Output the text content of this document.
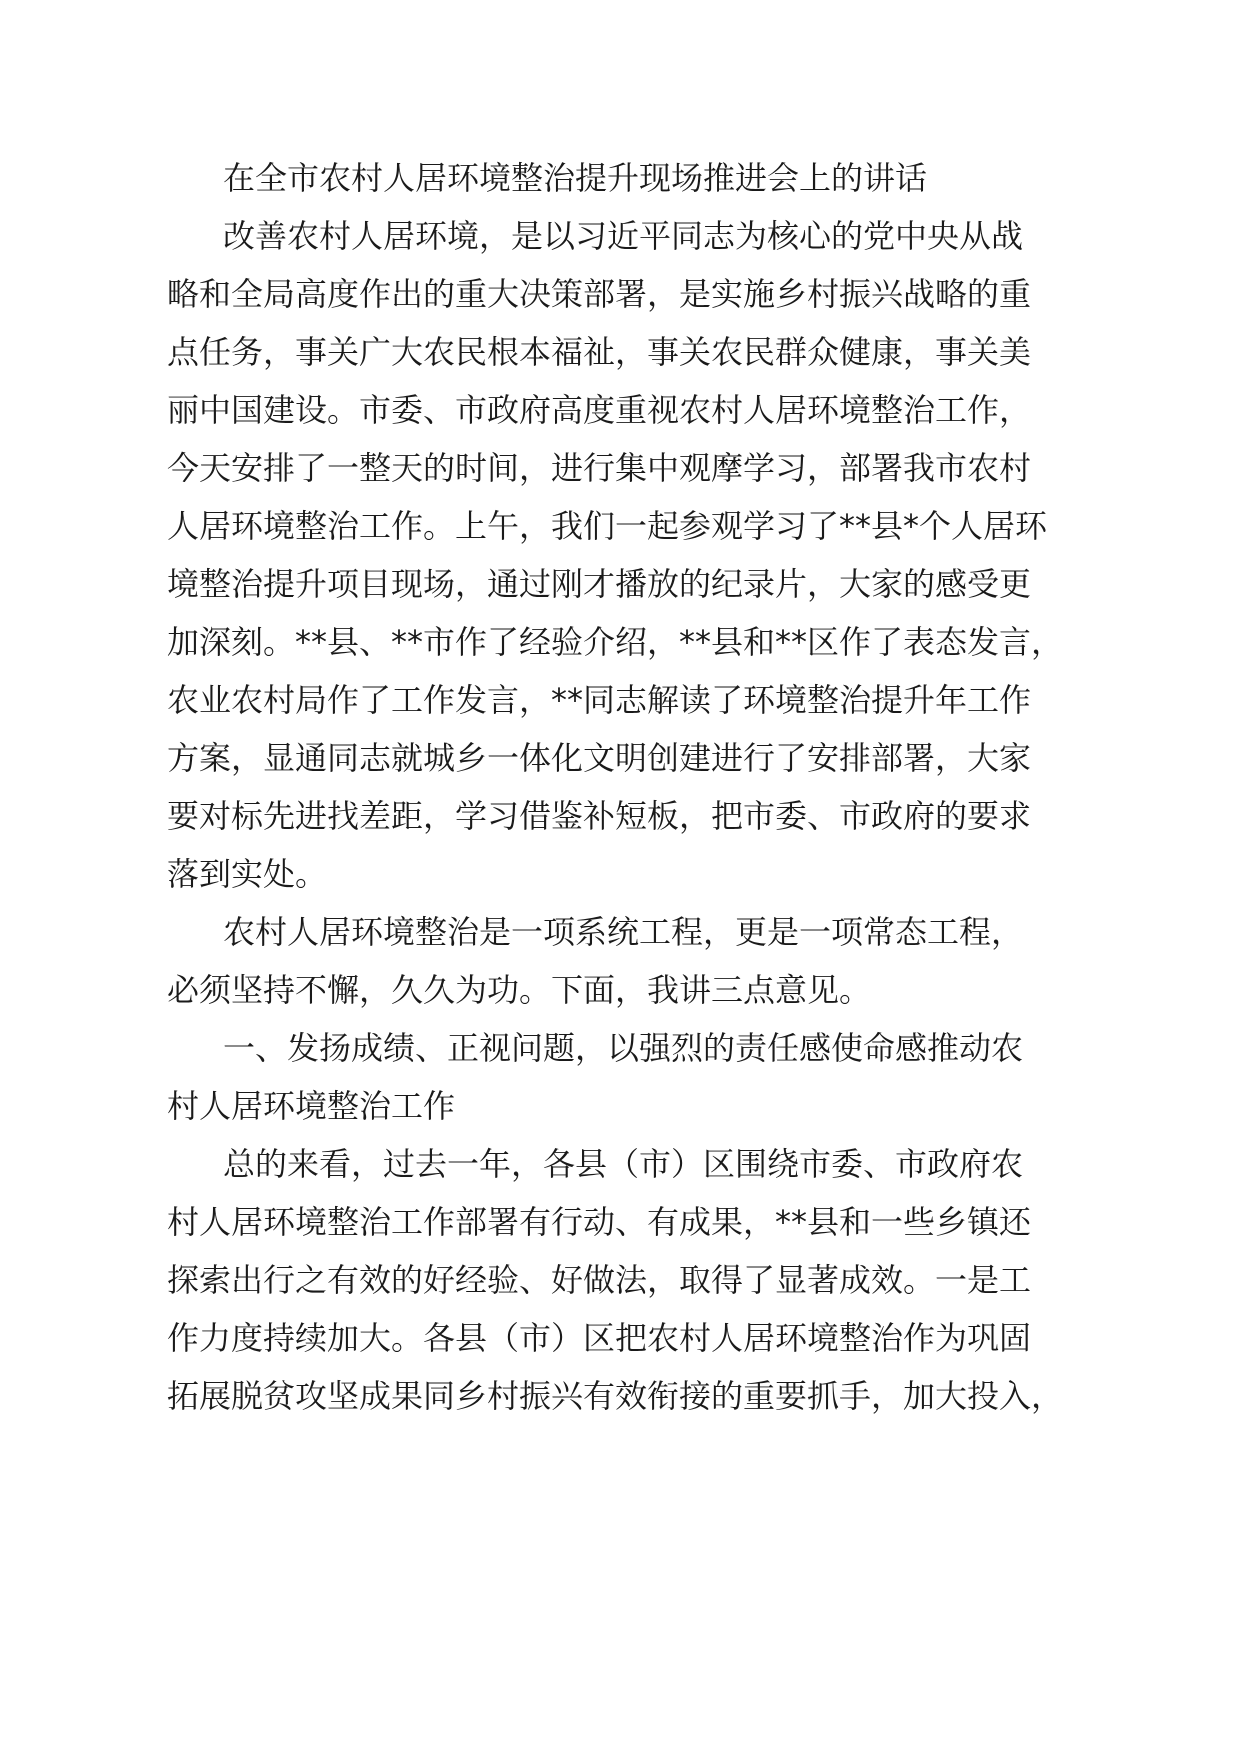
在全市农村人居环境整治提升现场推进会上的讲话

改善农村人居环境，是以习近平同志为核心的党中央从战

略和全局高度作出的重大决策部署，是实施乡村振兴战略的重

点任务，事关广大农民根本福祉，事关农民群众健康，事关美

丽中国建设。市委、市政府高度重视农村人居环境整治工作，

今天安排了一整天的时间，进行集中观摩学习，部署我市农村

人居环境整治工作。上午，我们一起参观学习了**县*个人居环

境整治提升项目现场，通过刚才播放的纪录片，大家的感受更

加深刻。**县、**市作了经验介绍，**县和**区作了表态发言，

农业农村局作了工作发言，**同志解读了环境整治提升年工作

方案，显通同志就城乡一体化文明创建进行了安排部署，大家

要对标先进找差距，学习借鉴补短板，把市委、市政府的要求

落到实处。

农村人居环境整治是一项系统工程，更是一项常态工程，

必须坚持不懈，久久为功。下面，我讲三点意见。

一、发扬成绩、正视问题，以强烈的责任感使命感推动农

村人居环境整治工作

总的来看，过去一年，各县（市）区围绕市委、市政府农

村人居环境整治工作部署有行动、有成果，**县和一些乡镇还

探索出行之有效的好经验、好做法，取得了显著成效。一是工

作力度持续加大。各县（市）区把农村人居环境整治作为巩固

拓展脱贫攻坚成果同乡村振兴有效衔接的重要抓手，加大投入，
